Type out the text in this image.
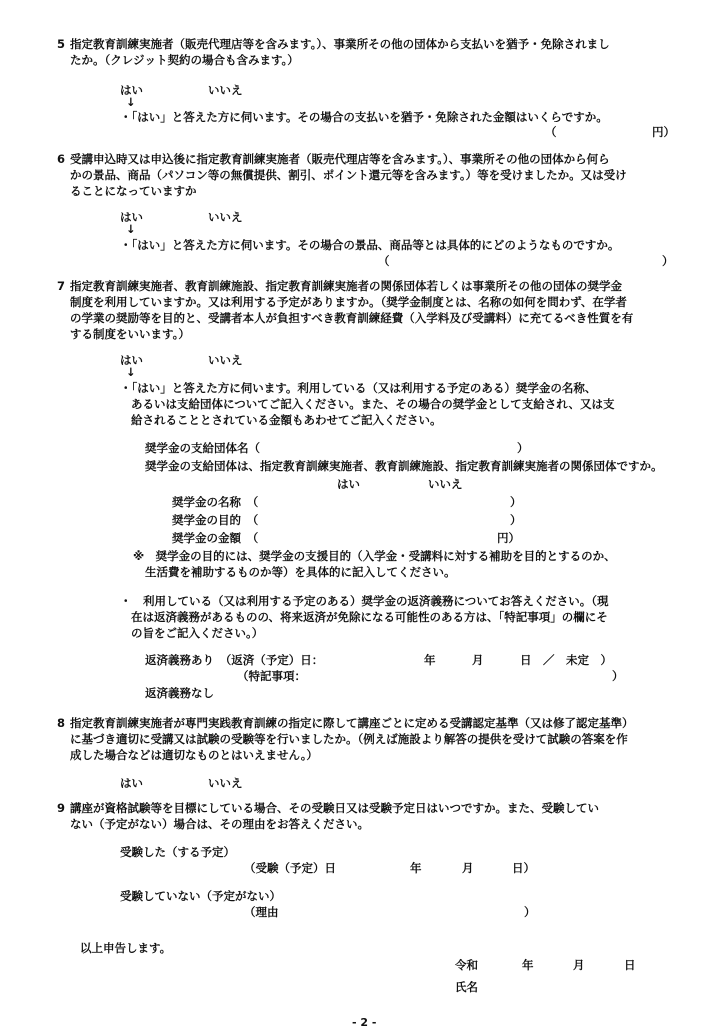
5 指定教育訓練実施者（販売代理店等を含みます。）、事業所その他の団体から支払いを猶予・免除されまし
たか。（クレジット契約の場合も含みます。）
はい	いいえ
↓
・「はい」と答えた方に伺います。その場合の支払いを猶予・免除された金額はいくらですか。
（	円）
6 受講申込時又は申込後に指定教育訓練実施者（販売代理店等を含みます。）、事業所その他の団体から何ら
かの景品、商品（パソコン等の無償提供、割引、ポイント還元等を含みます。）等を受けましたか。又は受け
ることになっていますか
はい	いいえ
↓
・「はい」と答えた方に伺います。その場合の景品、商品等とは具体的にどのようなものですか。
（	）
7 指定教育訓練実施者、教育訓練施設、指定教育訓練実施者の関係団体若しくは事業所その他の団体の奨学金
制度を利用していますか。又は利用する予定がありますか。（奨学金制度とは、名称の如何を問わず、在学者
の学業の奨励等を目的と、受講者本人が負担すべき教育訓練経費（入学料及び受講料）に充てるべき性質を有
する制度をいいます。）
はい	いいえ
↓
・「はい」と答えた方に伺います。利用している（又は利用する予定のある）奨学金の名称、
あるいは支給団体についてご記入ください。また、その場合の奨学金として支給され、又は支
給されることとされている金額もあわせてご記入ください。
奨学金の支給団体名（	）
奨学金の支給団体は、指定教育訓練実施者、教育訓練施設、指定教育訓練実施者の関係団体ですか。
はい	いいえ
奨学金の名称　（	）
奨学金の目的　（	）
奨学金の金額　（	円）
※　奨学金の目的には、奨学金の支援目的（入学金・受講料に対する補助を目的とするのか、
生活費を補助するものか等）を具体的に記入してください。
・　利用している（又は利用する予定のある）奨学金の返済義務についてお答えください。（現
在は返済義務があるものの、将来返済が免除になる可能性のある方は、「特記事項」の欄にそ
の旨をご記入ください。）
返済義務あり　（返済（予定）日：	年	月	日　／　未定　）
（特記事項：	）
返済義務なし
8 指定教育訓練実施者が専門実践教育訓練の指定に際して講座ごとに定める受講認定基準（又は修了認定基準）
に基づき適切に受講又は試験の受験等を行いましたか。（例えば施設より解答の提供を受けて試験の答案を作
成した場合などは適切なものとはいえません。）
はい	いいえ
9 講座が資格試験等を目標にしている場合、その受験日又は受験予定日はいつですか。また、受験してい
ない（予定がない）場合は、その理由をお答えください。
受験した（する予定）
（受験（予定）日	年	月	日）
受験していない（予定がない）
（理由	）
以上申告します。
令和	年	月	日
氏名
- 2 -
